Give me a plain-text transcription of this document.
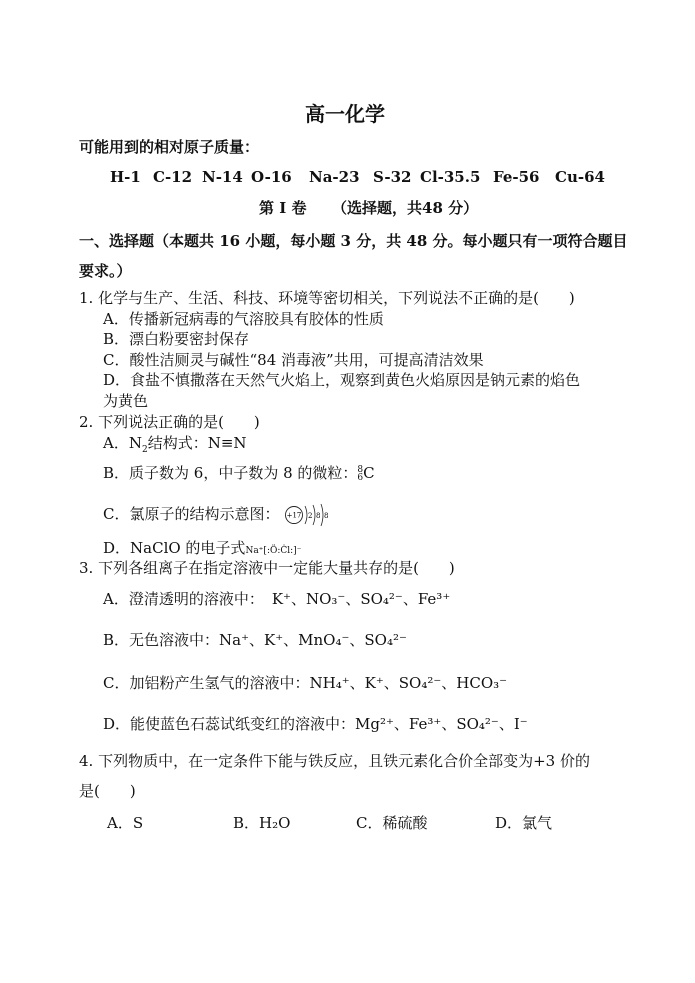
高一化学
可能用到的相对原子质量：
H-1 C-12 N-14 O-16 Na-23 S-32 Cl-35.5 Fe-56 Cu-64
第 I 卷 （选择题，共48 分）
一、选择题（本题共 16 小题，每小题 3 分，共 48 分。每小题只有一项符合题目
要求。）
1. 化学与生产、生活、科技、环境等密切相关，下列说法不正确的是(　　)
A．传播新冠病毒的气溶胶具有胶体的性质
B．漂白粉要密封保存
C．酸性洁厕灵与碱性“84 消毒液”共用，可提高清洁效果
D．食盐不慎撒落在天然气火焰上，观察到黄色火焰原因是钠元素的焰色
为黄色
2. 下列说法正确的是(　　)
A．$N_2$结构式：N≡N
B．质子数为 6，中子数为 8 的微粒：8
6C
C．氯原子的结构示意图： +17 2 8 8
D．NaClO 的电子式Na⁺[:Ö:Ċl:]⁻
3. 下列各组离子在指定溶液中一定能大量共存的是(　　)
A．澄清透明的溶液中： K⁺、NO₃⁻、SO₄²⁻、Fe³⁺
B．无色溶液中：Na⁺、K⁺、MnO₄⁻、SO₄²⁻
C．加铝粉产生氢气的溶液中：NH₄⁺、K⁺、SO₄²⁻、HCO₃⁻
D．能使蓝色石蕊试纸变红的溶液中：Mg²⁺、Fe³⁺、SO₄²⁻、I⁻
4. 下列物质中，在一定条件下能与铁反应，且铁元素化合价全部变为+3 价的
是(　　)
A．S	B．H₂O	C．稀硫酸	D．氯气
